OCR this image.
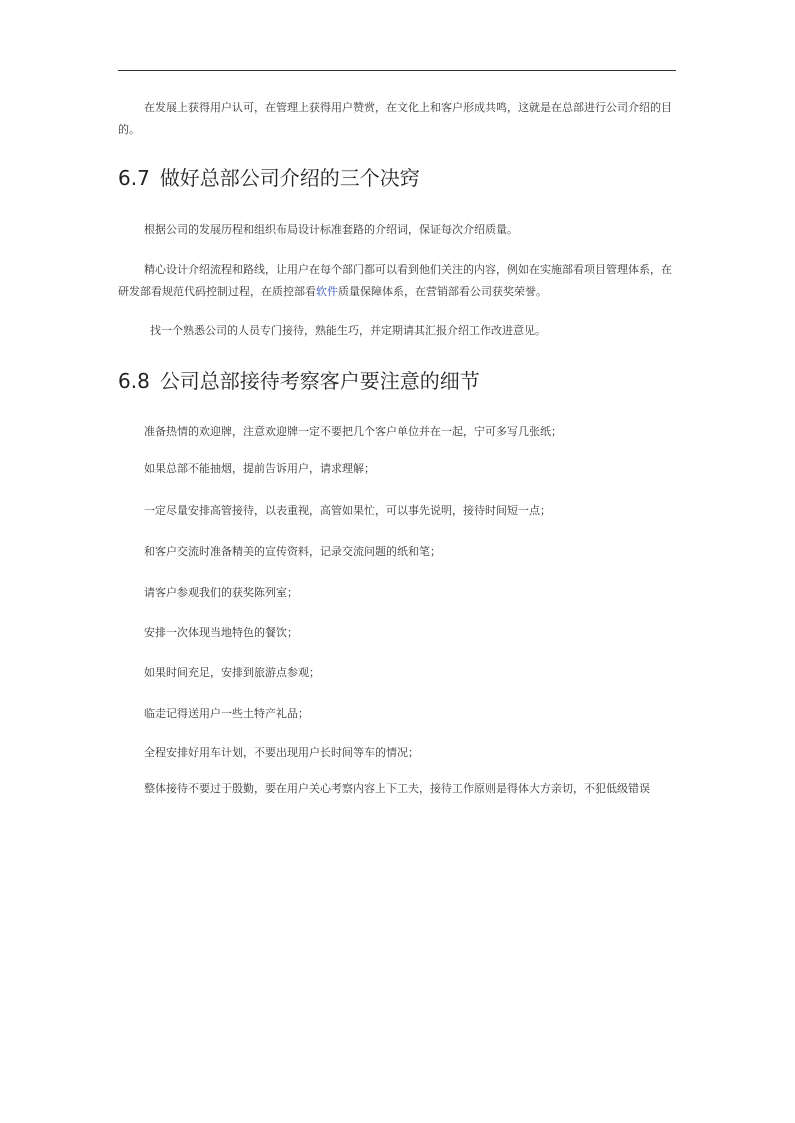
在发展上获得用户认可，在管理上获得用户赞赏，在文化上和客户形成共鸣，这就是在总部进行公司介绍的目的。

6.7 做好总部公司介绍的三个决窍

根据公司的发展历程和组织布局设计标准套路的介绍词，保证每次介绍质量。

精心设计介绍流程和路线，让用户在每个部门都可以看到他们关注的内容，例如在实施部看项目管理体系，在研发部看规范代码控制过程，在质控部看软件质量保障体系，在营销部看公司获奖荣誉。

找一个熟悉公司的人员专门接待，熟能生巧，并定期请其汇报介绍工作改进意见。

6.8 公司总部接待考察客户要注意的细节

准备热情的欢迎牌，注意欢迎牌一定不要把几个客户单位并在一起，宁可多写几张纸；

如果总部不能抽烟，提前告诉用户，请求理解；

一定尽量安排高管接待，以表重视，高管如果忙，可以事先说明，接待时间短一点；

和客户交流时准备精美的宣传资料，记录交流问题的纸和笔；

请客户参观我们的获奖陈列室；

安排一次体现当地特色的餐饮；

如果时间充足，安排到旅游点参观；

临走记得送用户一些土特产礼品；

全程安排好用车计划，不要出现用户长时间等车的情况；

整体接待不要过于殷勤，要在用户关心考察内容上下工夫，接待工作原则是得体大方亲切，不犯低级错误
